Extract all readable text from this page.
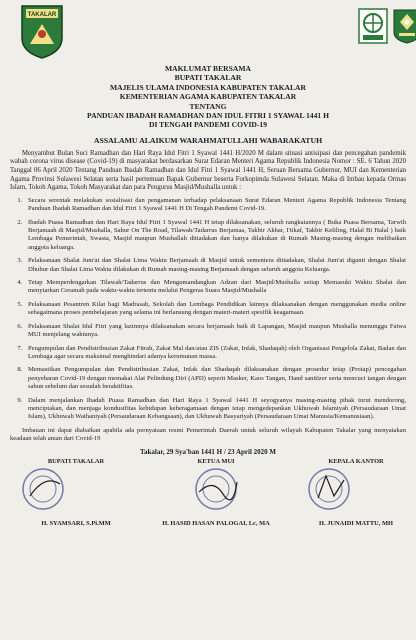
TAKALAR
MAKLUMAT BERSAMA
BUPATI TAKALAR
MAJELIS ULAMA INDONESIA KABUPATEN TAKALAR
KEMENTERIAN AGAMA KABUPATEN TAKALAR
TENTANG
PANDUAN IBADAH RAMADHAN DAN IDUL FITRI 1 SYAWAL 1441 H
DI TENGAH PANDEMI COVID-19
ASSALAMU ALAIKUM WARAHMATULLAHI WABARAKATUH

Menyambut Bulan Suci Ramadhan dan Hari Raya Idul Fitri 1 Syawal 1441 H/2020 M dalam situasi antisipasi dan pencegahan pandemik wabah corona virus disease (Covid-19) di masyarakat berdasarkan Surat Edaran Menteri Agama Republik Indonesia Nomor : SE. 6 Tahun 2020 Tanggal 06 April 2020 Tentang Panduan Ibadah Ramadhan dan Idul Fitri 1 Syawal 1441 H, Seruan Bersama Gubernur, MUI dan Kementerian Agama Provinsi Sulawesi Selatan serta hasil pertemuan Bapak Gubernur beserta Forkopimda Sulawesi Selatan. Maka di Imbau kepada Ormas Islam, Tokoh Agama, Tokoh Masyarakat dan para Pengurus Masjid/Mushalla untuk :

1. Secara serentak melakukan sosialisasi dan pengamanan terhadap pelaksanaan Surat Edaran Menteri Agama Republik Indonesia Tentang Panduan Ibadah Ramadhan dan Idul Fitri 1 Syawal 1441 H Di Tengah Pandemi Covid-19.
2. Ibadah Puasa Ramadhan dan Hari Raya Idul Fitri 1 Syawal 1441 H tetap dilaksanakan, seluruh rangkaiannya ( Buka Puasa Bersama, Tarwih Berjamaah di Masjid/Mushalla, Sahur On The Road, Tilawah/Tadarrus Berjamaa, Takbir Akbar, I'tikaf, Takbir Keliling, Halal Bi Halal ) baik Lembaga Pemerintah, Swasta, Masjid maupun Mushallah ditiadakan dan hanya dilakukan di Rumah Masing-masing dengan melibatkan anggota keluarga.
3. Pelaksanaan Shalat Jum'at dan Shalat Lima Waktu Berjamaah di Masjid untuk sementera ditiadakan, Shalat Jum'at diganti dengan Shalat Dhuhur dan Shalat Lima Waktu dilakukan di Rumah masing-masing Berjamaah dengan seluruh anggota Keluarga.
4. Tetap Memperdengarkan Tilawah/Tadarrus dan Mengumandangkan Adzan dari Masjid/Mushalla setiap Memasuki Waktu Shalat dan menyiarkan Ceramah pada waktu-waktu tertentu melalui Pengeras Suara Masjid/Mushalla
5. Pelaksanaan Pesantren Kilat bagi Madrasah, Sekolah dan Lembaga Pendidikan lainnya dilaksanakan dengan menggunakan media online sebagaimana proses pembelajaran yang selama ini berlansung dengan materi-materi spesifik keagamaan.
6. Pelaksanaan Shalat Idul Fitri yang lazimnya dilaksanakan secara berjamaah baik di Lapangan, Masjid maupun Mushalla menunggu Fatwa MUI menjelang waktunya.
7. Pengumpulan dan Pendistribusian Zakat Fitrah, Zakat Mal dan/atau ZIS (Zakat, Infak, Shadaqah) oleh Organisasi Pengelola Zakat, Badan dan Lembaga agar secara maksimal menghindari adanya kerumunan massa.
8. Memastikan Pengumpulan dan Pendistribusian Zakat, Infak dan Shadaqah dilaksanakan dengan prosedur tetap (Protap) pencegahan penyebaran Covid-19 dengan memakai Alat Pelindung Diri (APD) seperti Masker, Kaos Tangan, Hand sanitizer serta mencuci tangan dengan sabun sebelum dan sesudah berakitfitas.
9. Dalam menjalankan Ibadah Puasa Ramadhan dan Hari Raya 1 Syawal 1441 H seyogyanya masing-masing pihak turut mendorong, menciptakan, dan menjaga kondusifitas kehidupan keberagamaan dengan tetap mengedepankan Ukhuwah Islamiyah (Persaudaraan Umat Islam), Ukhuwah Wathaniyah (Persaudaraan Kebangsaan), dan Ukhuwah Basyariyah (Persaudaraan Umat Manusia/Kemanusiaan).

Imbauan ini dapat diabaikan apabila ada pernyataan resmi Pemerintah Daerah untuk seluruh wilayah Kabupaten Takalar yang menyatakan keadaan telah aman dari Covid-19

Takalar, 29 Sya'ban 1441 H / 23 April 2020 M
BUPATI TAKALAR
H. SYAMSARI, S.Pi.MM
KETUA MUI
H. HASID HASAN PALOGAI, Lc, MA
KEPALA KANTOR
H. JUNAIDI MATTU, MH
